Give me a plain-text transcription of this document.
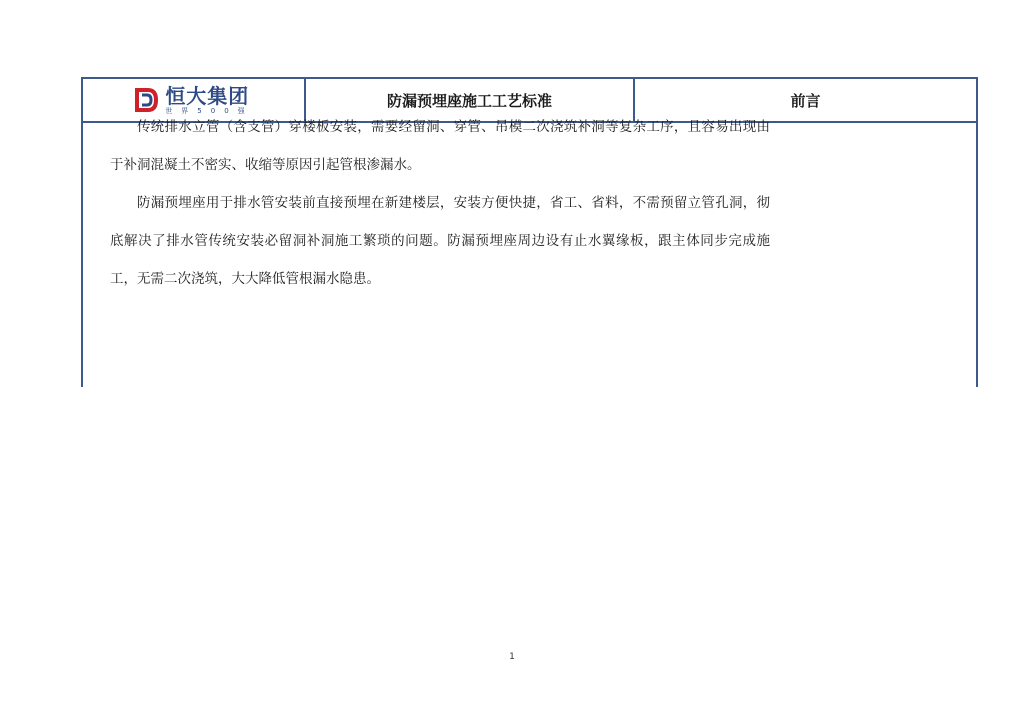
恒大集团
世界500强
防漏预埋座施工工艺标准	前言

传统排水立管（含支管）穿楼板安装，需要经留洞、穿管、吊模二次浇筑补洞等复杂工序，且容易出现由于补洞混凝土不密实、收缩等原因引起管根渗漏水。

防漏预埋座用于排水管安装前直接预埋在新建楼层，安装方便快捷，省工、省料，不需预留立管孔洞，彻底解决了排水管传统安装必留洞补洞施工繁琐的问题。防漏预埋座周边设有止水翼缘板，跟主体同步完成施工，无需二次浇筑，大大降低管根漏水隐患。

1
